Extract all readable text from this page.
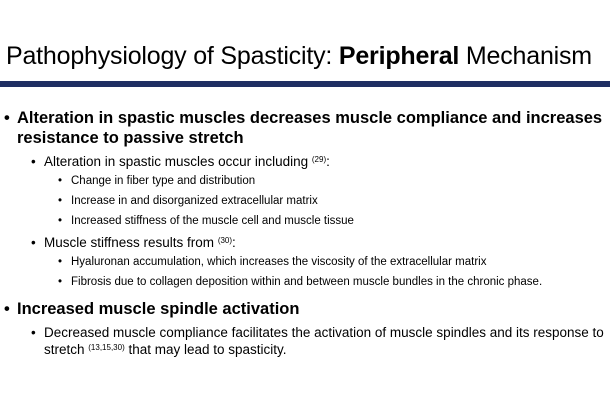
Pathophysiology of Spasticity: Peripheral Mechanism
• Alteration in spastic muscles decreases muscle compliance and increases resistance to passive stretch
• Alteration in spastic muscles occur including $^{(29)}$:
• Change in fiber type and distribution
• Increase in and disorganized extracellular matrix
• Increased stiffness of the muscle cell and muscle tissue
• Muscle stiffness results from $^{(30)}$:
• Hyaluronan accumulation, which increases the viscosity of the extracellular matrix
• Fibrosis due to collagen deposition within and between muscle bundles in the chronic phase.
• Increased muscle spindle activation
• Decreased muscle compliance facilitates the activation of muscle spindles and its response to stretch $^{(13,15,30)}$ that may lead to spasticity.
